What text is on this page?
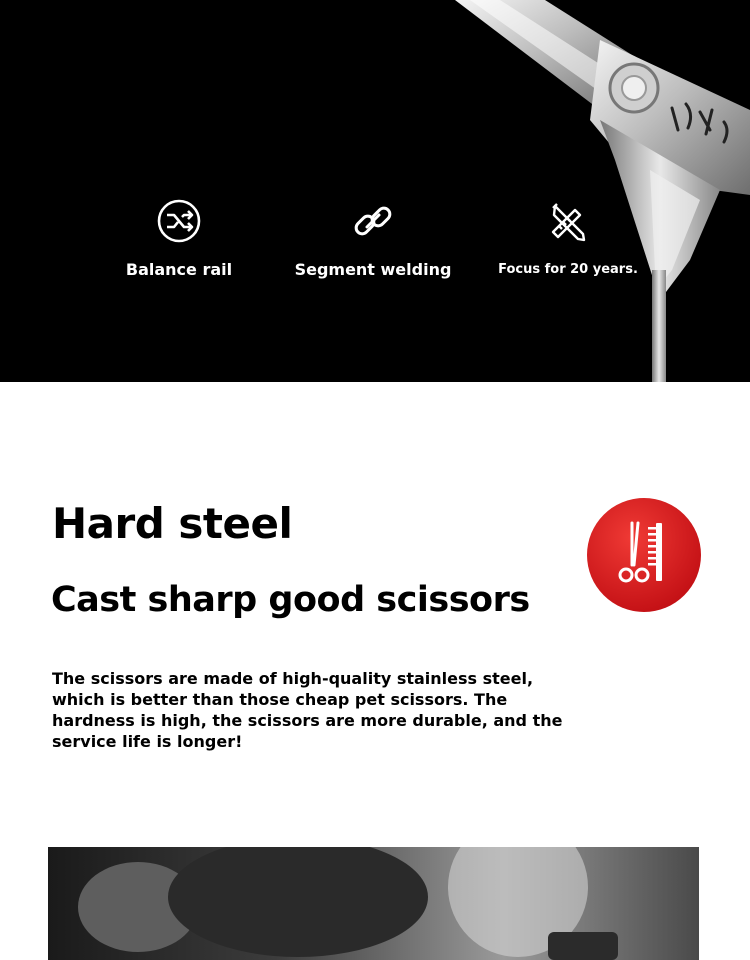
Balance rail	Segment welding	Focus for 20 years.
Hard steel
Cast sharp good scissors

The scissors are made of high-quality stainless steel, which is better than those cheap pet scissors. The hardness is high, the scissors are more durable, and the service life is longer!
